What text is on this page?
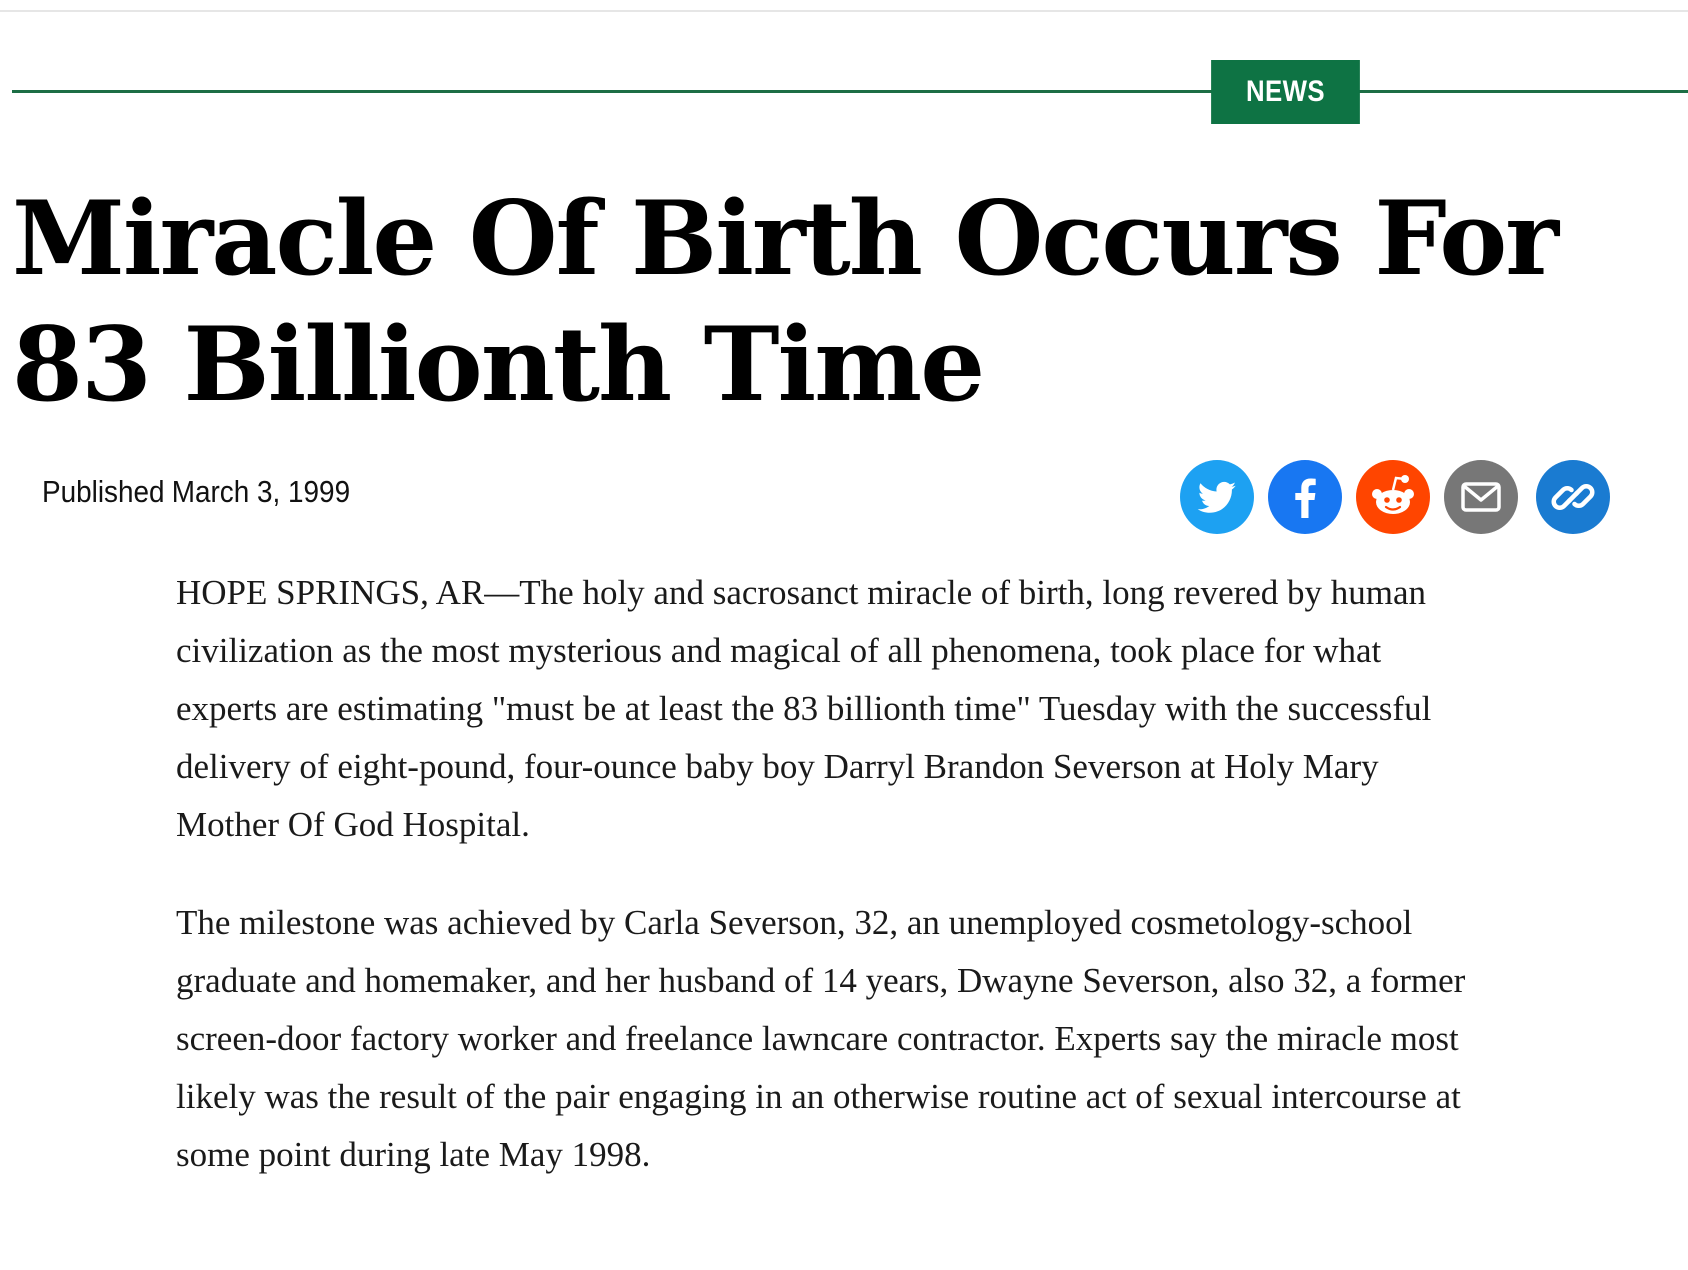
NEWS
Miracle Of Birth Occurs For 83 Billionth Time
Published March 3, 1999

HOPE SPRINGS, AR—The holy and sacrosanct miracle of birth, long revered by human civilization as the most mysterious and magical of all phenomena, took place for what experts are estimating "must be at least the 83 billionth time" Tuesday with the successful delivery of eight-pound, four-ounce baby boy Darryl Brandon Severson at Holy Mary Mother Of God Hospital.

The milestone was achieved by Carla Severson, 32, an unemployed cosmetology-school graduate and homemaker, and her husband of 14 years, Dwayne Severson, also 32, a former screen-door factory worker and freelance lawncare contractor. Experts say the miracle most likely was the result of the pair engaging in an otherwise routine act of sexual intercourse at some point during late May 1998.
